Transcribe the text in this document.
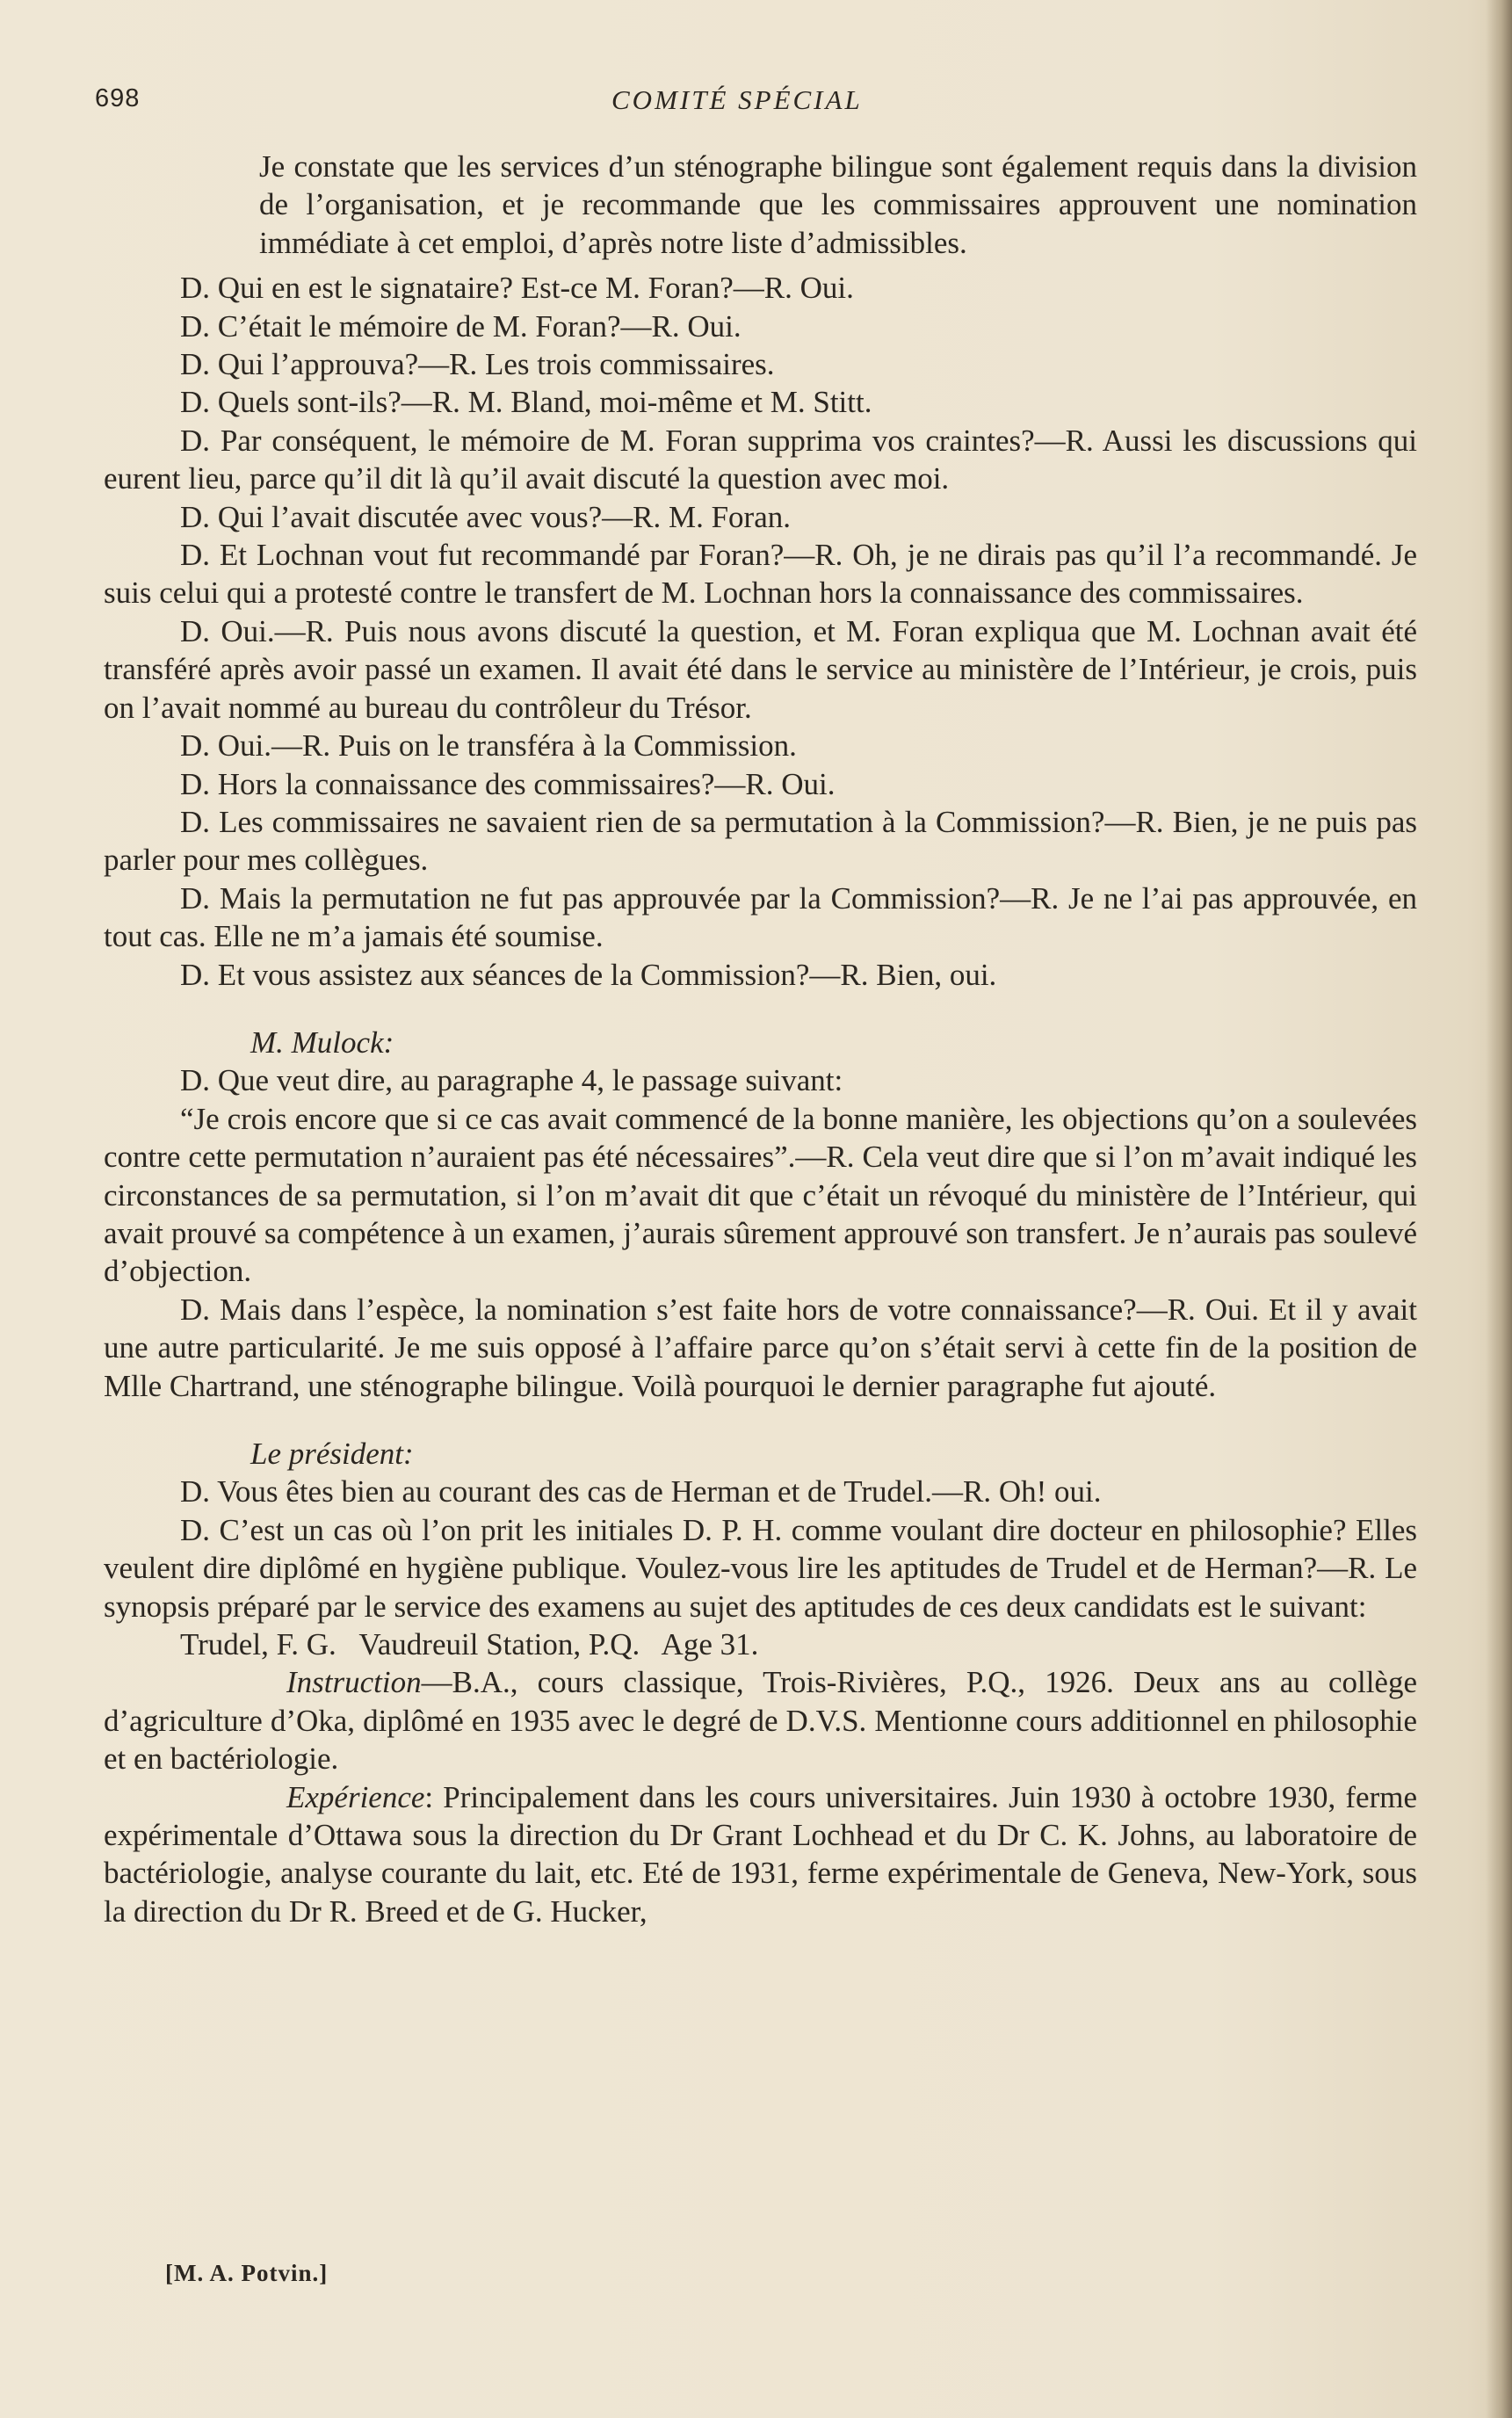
698	COMITÉ SPÉCIAL

Je constate que les services d’un sténographe bilingue sont également requis dans la division de l’organisation, et je recommande que les commissaires approuvent une nomination immédiate à cet emploi, d’après notre liste d’admissibles.

D. Qui en est le signataire? Est-ce M. Foran?—R. Oui.

D. C’était le mémoire de M. Foran?—R. Oui.

D. Qui l’approuva?—R. Les trois commissaires.

D. Quels sont-ils?—R. M. Bland, moi-même et M. Stitt.

D. Par conséquent, le mémoire de M. Foran supprima vos craintes?—R. Aussi les discussions qui eurent lieu, parce qu’il dit là qu’il avait discuté la question avec moi.

D. Qui l’avait discutée avec vous?—R. M. Foran.

D. Et Lochnan vout fut recommandé par Foran?—R. Oh, je ne dirais pas qu’il l’a recommandé. Je suis celui qui a protesté contre le transfert de M. Lochnan hors la connaissance des commissaires.

D. Oui.—R. Puis nous avons discuté la question, et M. Foran expliqua que M. Lochnan avait été transféré après avoir passé un examen. Il avait été dans le service au ministère de l’Intérieur, je crois, puis on l’avait nommé au bureau du contrôleur du Trésor.

D. Oui.—R. Puis on le transféra à la Commission.

D. Hors la connaissance des commissaires?—R. Oui.

D. Les commissaires ne savaient rien de sa permutation à la Commission?—R. Bien, je ne puis pas parler pour mes collègues.

D. Mais la permutation ne fut pas approuvée par la Commission?—R. Je ne l’ai pas approuvée, en tout cas. Elle ne m’a jamais été soumise.

D. Et vous assistez aux séances de la Commission?—R. Bien, oui.

M. Mulock:

D. Que veut dire, au paragraphe 4, le passage suivant:

“Je crois encore que si ce cas avait commencé de la bonne manière, les objections qu’on a soulevées contre cette permutation n’auraient pas été nécessaires”.—R. Cela veut dire que si l’on m’avait indiqué les circonstances de sa permutation, si l’on m’avait dit que c’était un révoqué du ministère de l’Intérieur, qui avait prouvé sa compétence à un examen, j’aurais sûrement approuvé son transfert. Je n’aurais pas soulevé d’objection.

D. Mais dans l’espèce, la nomination s’est faite hors de votre connaissance?—R. Oui. Et il y avait une autre particularité. Je me suis opposé à l’affaire parce qu’on s’était servi à cette fin de la position de Mlle Chartrand, une sténographe bilingue. Voilà pourquoi le dernier paragraphe fut ajouté.

Le président:

D. Vous êtes bien au courant des cas de Herman et de Trudel.—R. Oh! oui.

D. C’est un cas où l’on prit les initiales D. P. H. comme voulant dire docteur en philosophie? Elles veulent dire diplômé en hygiène publique. Voulez-vous lire les aptitudes de Trudel et de Herman?—R. Le synopsis préparé par le service des examens au sujet des aptitudes de ces deux candidats est le suivant:

Trudel, F. G.   Vaudreuil Station, P.Q.   Age 31.

Instruction—B.A., cours classique, Trois-Rivières, P.Q., 1926. Deux ans au collège d’agriculture d’Oka, diplômé en 1935 avec le degré de D.V.S. Mentionne cours additionnel en philosophie et en bactériologie.

Expérience: Principalement dans les cours universitaires. Juin 1930 à octobre 1930, ferme expérimentale d’Ottawa sous la direction du Dr Grant Lochhead et du Dr C. K. Johns, au laboratoire de bactériologie, analyse courante du lait, etc. Eté de 1931, ferme expérimentale de Geneva, New-York, sous la direction du Dr R. Breed et de G. Hucker,

[M. A. Potvin.]
